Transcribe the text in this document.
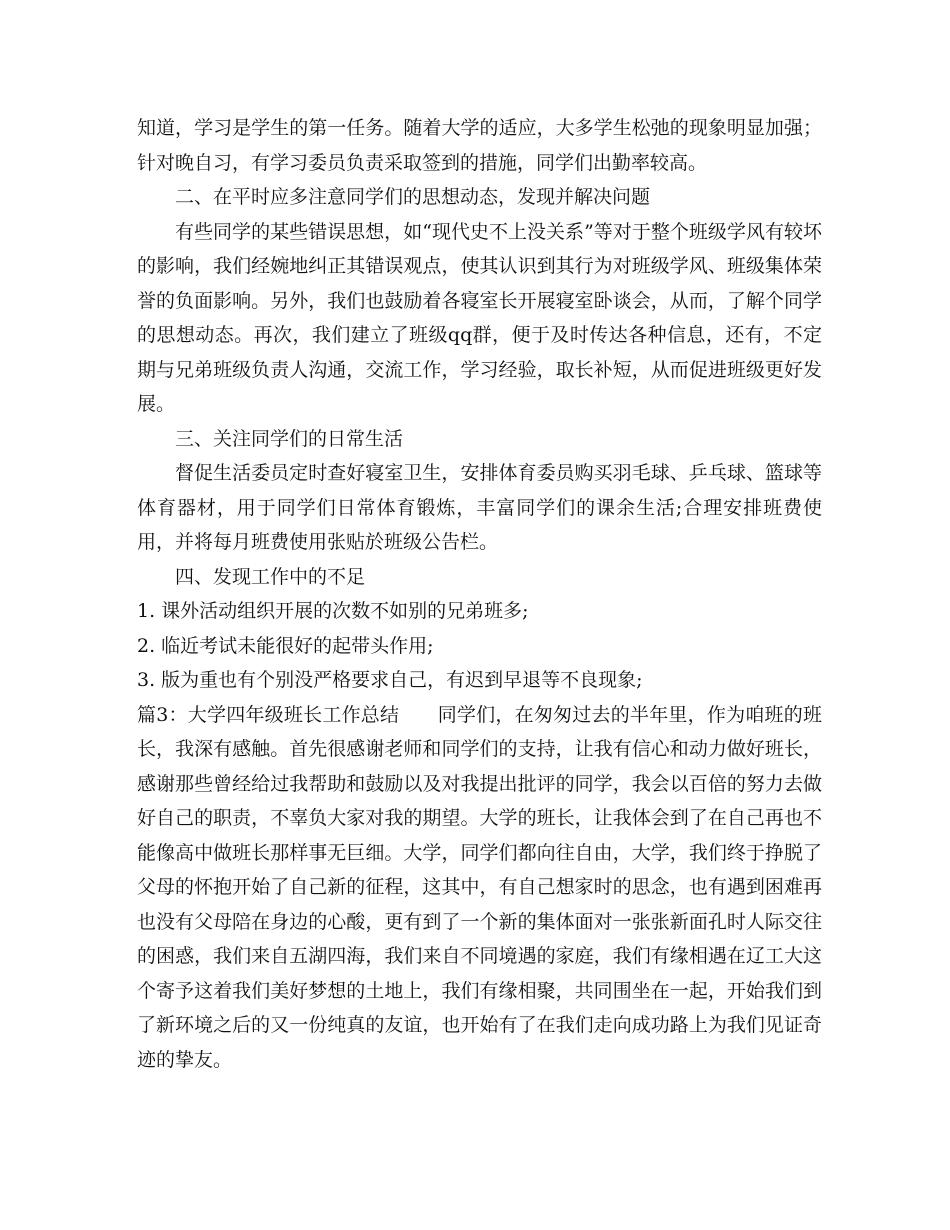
知道，学习是学生的第一任务。随着大学的适应，大多学生松弛的现象明显加强；针对晚自习，有学习委员负责采取签到的措施，同学们出勤率较高。

二、在平时应多注意同学们的思想动态，发现并解决问题

有些同学的某些错误思想，如“现代史不上没关系”等对于整个班级学风有较坏的影响，我们经婉地纠正其错误观点，使其认识到其行为对班级学风、班级集体荣誉的负面影响。另外，我们也鼓励着各寝室长开展寝室卧谈会，从而，了解个同学的思想动态。再次，我们建立了班级qq群，便于及时传达各种信息，还有，不定期与兄弟班级负责人沟通，交流工作，学习经验，取长补短，从而促进班级更好发展。

三、关注同学们的日常生活

督促生活委员定时查好寝室卫生，安排体育委员购买羽毛球、乒乓球、篮球等体育器材，用于同学们日常体育锻炼，丰富同学们的课余生活;合理安排班费使用，并将每月班费使用张贴於班级公告栏。

四、发现工作中的不足

1. 课外活动组织开展的次数不如别的兄弟班多;

2. 临近考试未能很好的起带头作用;

3. 版为重也有个别没严格要求自己，有迟到早退等不良现象;

篇3：大学四年级班长工作总结　　同学们，在匆匆过去的半年里，作为咱班的班长，我深有感触。首先很感谢老师和同学们的支持，让我有信心和动力做好班长，感谢那些曾经给过我帮助和鼓励以及对我提出批评的同学，我会以百倍的努力去做好自己的职责，不辜负大家对我的期望。大学的班长，让我体会到了在自己再也不能像高中做班长那样事无巨细。大学，同学们都向往自由，大学，我们终于挣脱了父母的怀抱开始了自己新的征程，这其中，有自己想家时的思念，也有遇到困难再也没有父母陪在身边的心酸，更有到了一个新的集体面对一张张新面孔时人际交往的困惑，我们来自五湖四海，我们来自不同境遇的家庭，我们有缘相遇在辽工大这个寄予这着我们美好梦想的土地上，我们有缘相聚，共同围坐在一起，开始我们到了新环境之后的又一份纯真的友谊，也开始有了在我们走向成功路上为我们见证奇迹的挚友。
